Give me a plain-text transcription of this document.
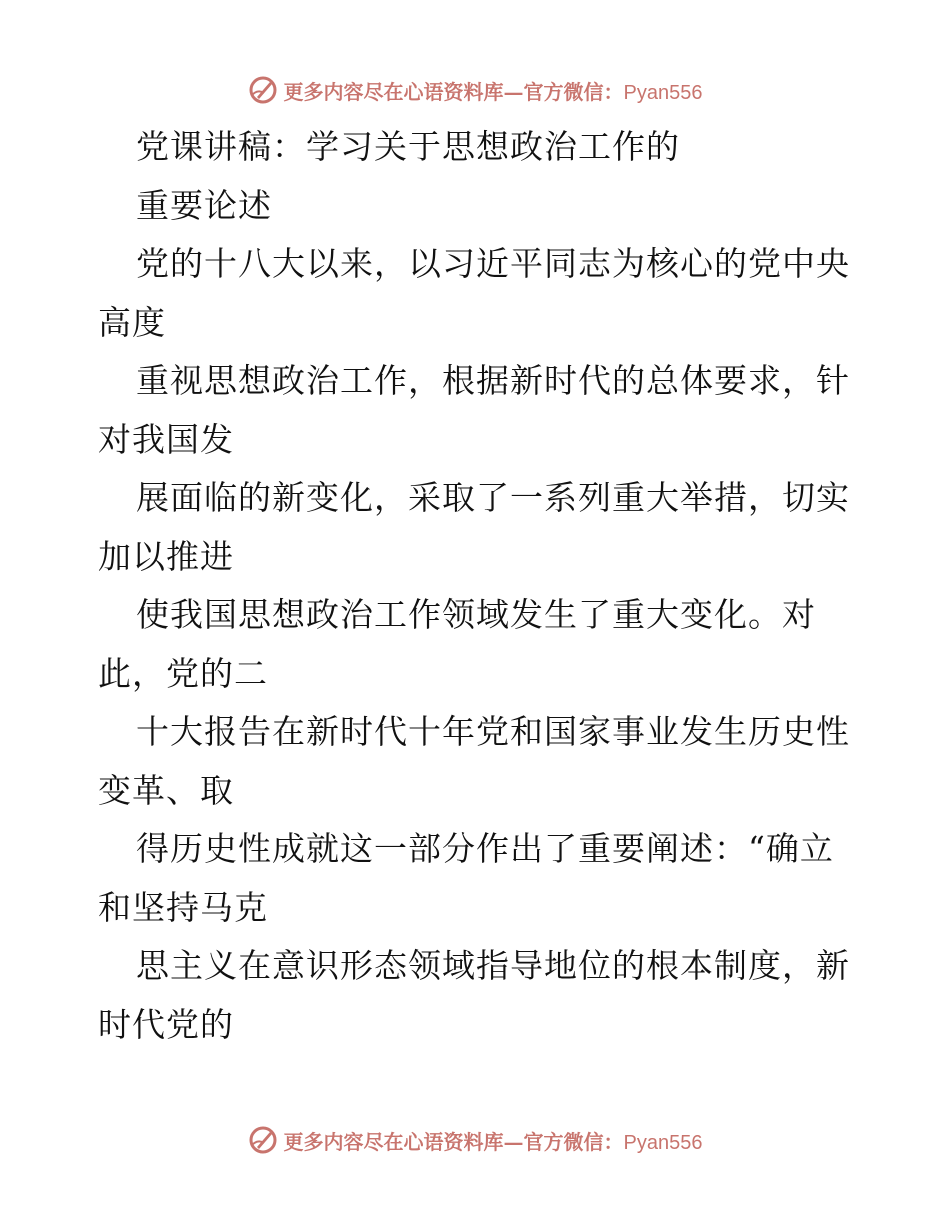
更多内容尽在心语资料库—官方微信：Pyan556
党课讲稿：学习关于思想政治工作的
重要论述
党的十八大以来，以习近平同志为核心的党中央
高度
重视思想政治工作，根据新时代的总体要求，针
对我国发
展面临的新变化，采取了一系列重大举措，切实
加以推进
使我国思想政治工作领域发生了重大变化。对
此，党的二
十大报告在新时代十年党和国家事业发生历史性
变革、取
得历史性成就这一部分作出了重要阐述：“确立
和坚持马克
思主义在意识形态领域指导地位的根本制度，新
时代党的
更多内容尽在心语资料库—官方微信：Pyan556
